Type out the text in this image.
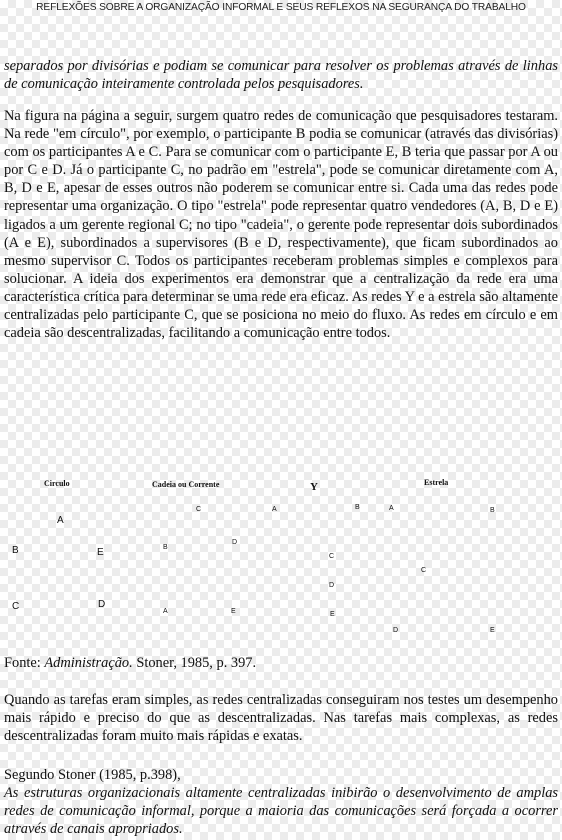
REFLEXÕES SOBRE A ORGANIZAÇÃO INFORMAL E SEUS REFLEXOS NA SEGURANÇA DO TRABALHO

separados por divisórias e podiam se comunicar para resolver os problemas através de linhas de comunicação inteiramente controlada pelos pesquisadores.

Na figura na página a seguir, surgem quatro redes de comunicação que pesquisadores testaram. Na rede "em círculo", por exemplo, o participante B podia se comunicar (através das divisórias) com os participantes A e C. Para se comunicar com o participante E, B teria que passar por A ou por C e D. Já o participante C, no padrão em "estrela", pode se comunicar diretamente com A, B, D e E, apesar de esses outros não poderem se comunicar entre si. Cada uma das redes pode representar uma organização. O tipo "estrela" pode representar quatro vendedores (A, B, D e E) ligados a um gerente regional C; no tipo "cadeia", o gerente pode representar dois subordinados (A e E), subordinados a supervisores (B e D, respectivamente), que ficam subordinados ao mesmo supervisor C. Todos os participantes receberam problemas simples e complexos para solucionar. A ideia dos experimentos era demonstrar que a centralização da rede era uma característica crítica para determinar se uma rede era eficaz. As redes Y e a estrela são altamente centralizadas pelo participante C, que se posiciona no meio do fluxo. As redes em círculo e em cadeia são descentralizadas, facilitando a comunicação entre todos.

Circulo	Cadeia ou Corrente	Y	Estrela
A
B	E
C	D
C
B
D
A	E
A	B
C
D
E
A	B
C
D	E
Fonte: Administração. Stoner, 1985, p. 397.

Quando as tarefas eram simples, as redes centralizadas conseguiram nos testes um desempenho mais rápido e preciso do que as descentralizadas. Nas tarefas mais complexas, as redes descentralizadas foram muito mais rápidas e exatas.

Segundo Stoner (1985, p.398),
As estruturas organizacionais altamente centralizadas inibirão o desenvolvimento de amplas redes de comunicação informal, porque a maioria das comunicações será forçada a ocorrer através de canais apropriados.
